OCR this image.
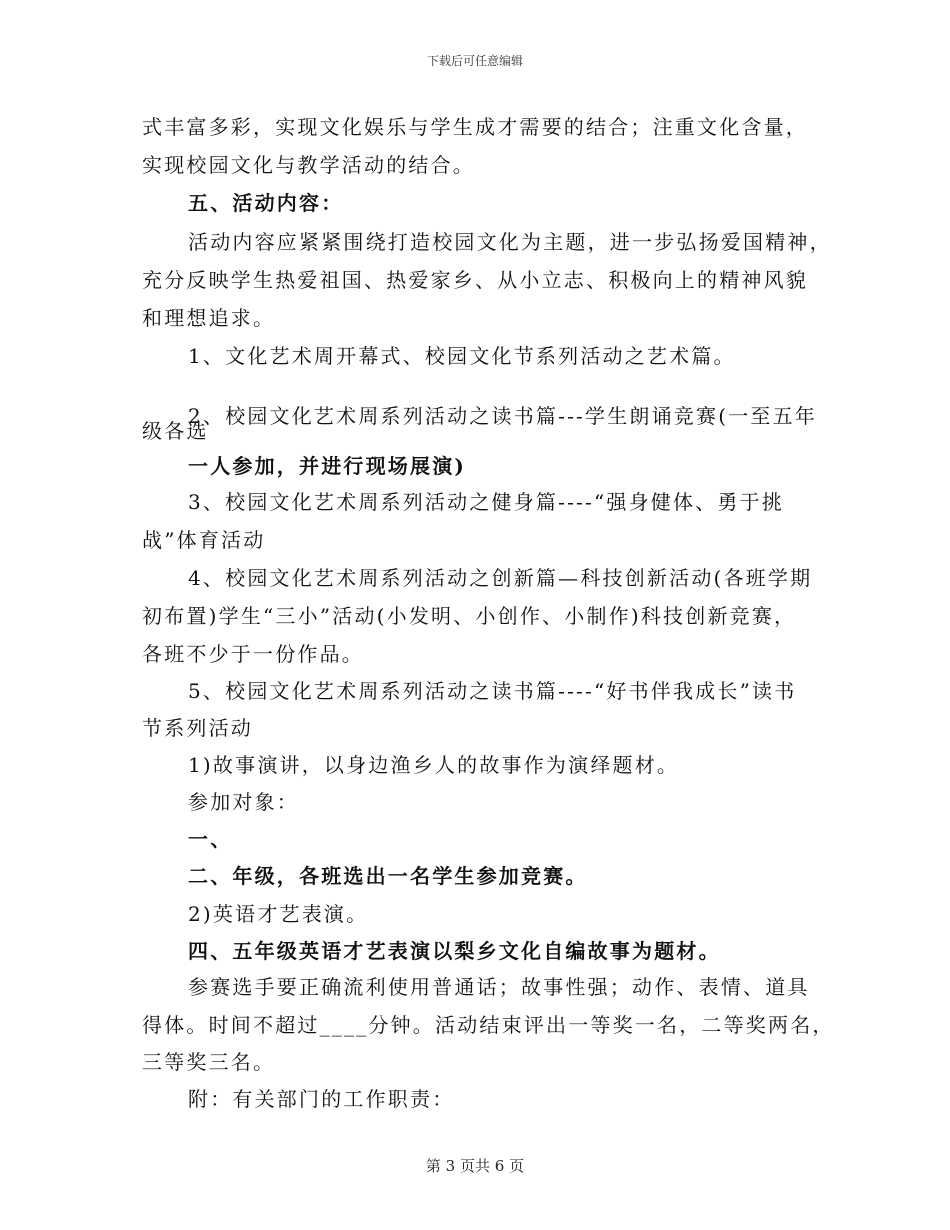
下载后可任意编辑
式丰富多彩，实现文化娱乐与学生成才需要的结合；注重文化含量，
实现校园文化与教学活动的结合。
五、活动内容：
活动内容应紧紧围绕打造校园文化为主题，进一步弘扬爱国精神，
充分反映学生热爱祖国、热爱家乡、从小立志、积极向上的精神风貌
和理想追求。
1、文化艺术周开幕式、校园文化节系列活动之艺术篇。
2、校园文化艺术周系列活动之读书篇---学生朗诵竞赛(一至五年
级各选
一人参加，并进行现场展演)
3、校园文化艺术周系列活动之健身篇----“强身健体、勇于挑
战”体育活动
4、校园文化艺术周系列活动之创新篇—科技创新活动(各班学期
初布置)学生“三小”活动(小发明、小创作、小制作)科技创新竞赛，
各班不少于一份作品。
5、校园文化艺术周系列活动之读书篇----“好书伴我成长”读书
节系列活动
1)故事演讲，以身边渔乡人的故事作为演绎题材。
参加对象：
一、
二、年级，各班选出一名学生参加竞赛。
2)英语才艺表演。
四、五年级英语才艺表演以梨乡文化自编故事为题材。
参赛选手要正确流利使用普通话；故事性强；动作、表情、道具
得体。时间不超过____分钟。活动结束评出一等奖一名，二等奖两名，
三等奖三名。
附：有关部门的工作职责：
第 3 页共 6 页
